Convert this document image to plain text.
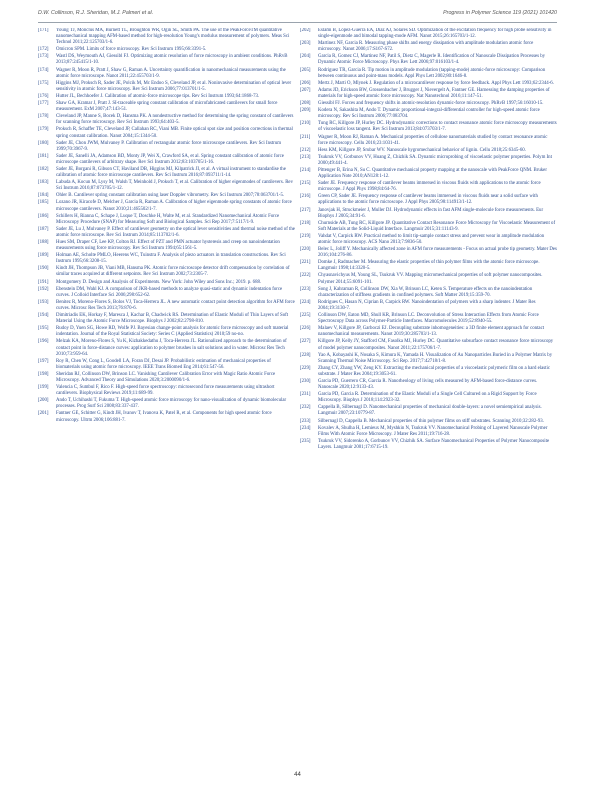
D.W. Collinson, R.J. Sheridan, M.J. Palmeri et al.	Progress in Polymer Science 119 (2021) 101420
[171]	Young TJ, Monclus MA, Burnett TL, Broughton WR, Ogin SL, Smith PA. The use of the PeakForceTM quantitative nanomechanical mapping AFM-based method for high-resolution Young's modulus measurement of polymers. Meas Sci Technol 2011;22:125703/1-6.
[172]	Omicron SPM. Limits of force microscopy. Rev Sci Instrum 1995;66:3391-5.
[173]	Wastl DS, Weymouth AJ, Giessibl FJ. Optimizing atomic resolution of force microscopy in ambient conditions. PhRvB 2013;87:245415/1-10.
[174]	Wagner R, Moon R, Pratt J, Shaw G, Raman A. Uncertainty quantification in nanomechanical measurements using the atomic force microscope. Nanot 2011;22:455703/1-9.
[175]	Higgins MJ, Proksch R, Sader JE, Polcik M, Mc Endoo S, Cleveland JP, et al. Noninvasive determination of optical lever sensitivity in atomic force microscopy. Rev Sci Instrum 2006;77:013701/1-5.
[176]	Hutter JL, Bechhoefer J. Calibration of atomic-force microscope tips. Rev Sci Instrum 1993;64:1868-73.
[177]	Shaw GA, Kramar J, Pratt J. SI-traceable spring constant calibration of microfabricated cantilevers for small force measurement. ExM 2007;47:143-51.
[178]	Cleveland JP, Manne S, Bocek D, Hansma PK. A nondestructive method for determining the spring constant of cantilevers for scanning force microscopy. Rev Sci Instrum 1993;64:403-5.
[179]	Proksch R, Schaffer TE, Cleveland JP, Callahan RC, Viani MB. Finite optical spot size and position corrections in thermal spring constant calibration. Nanot 2004;15:1344-50.
[180]	Sader JE, Chon JWM, Mulvaney P. Calibration of rectangular atomic force microscope cantilevers. Rev Sci Instrum 1999;70:3967-9.
[181]	Sader JE, Sanelli JA, Adamson BD, Monty JP, Wei X, Crawford SA, et al. Spring constant calibration of atomic force microscope cantilevers of arbitrary shape. Rev Sci Instrum 2012;83:103705/1-16.
[182]	Sader JE, Borgani R, Gibson CT, Haviland DB, Higgins MJ, Kilpatrick JI, et al. A virtual instrument to standardise the calibration of atomic force microscope cantilevers. Rev Sci Instrum 2016;87:093711/1-14.
[183]	Labuda A, Kocun M, Lysy M, Walsh T, Meinhold J, Proksch T, et al. Calibration of higher eigenmodes of cantilevers. Rev Sci Instrum 2016;87:073705/1-12.
[184]	Ohler B. Cantilever spring constant calibration using laser Doppler vibrometry. Rev Sci Instrum 2007;78:063701/1-5.
[185]	Lozano JR, Kiracofe D, Melcher J, Garcia R, Raman A. Calibration of higher eigenmode spring constants of atomic force microscope cantilevers. Nanot 2010;21:465502/1-7.
[186]	Schillers H, Rianna C, Schape J, Luque T, Doschke H, Walte M, et al. Standardized Nanomechanical Atomic Force Microscopy Procedure (SNAP) for Measuring Soft and Biological Samples. Sci Rep 2017;7:5117/1-9.
[187]	Sader JE, Lu J, Mulvaney P. Effect of cantilever geometry on the optical lever sensitivities and thermal noise method of the atomic force microscope. Rev Sci Instrum 2014;85:113702/1-6.
[188]	Hues SM, Draper CF, Lee KP, Colton RJ. Effect of PZT and PMN actuator hysteresis and creep on nanoindentation measurements using force microscopy. Rev Sci Instrum 1994;65:1561-5.
[189]	Holman AE, Scholte PMLO, Heerens WC, Tuinstra F. Analysis of piezo actuators in translation constructions. Rev Sci Instrum 1995;66:3208-15.
[190]	Kindt JH, Thompson JB, Viani MB, Hansma PK. Atomic force microscope detector drift compensation by correlation of similar traces acquired at different setpoints. Rev Sci Instrum 2002;73:2305-7.
[191]	Montgomery D. Design and Analysis of Experiments. New York: John Wiley and Sons Inc.; 2019. p. 688.
[192]	Ebenstein DM, Wahl KJ. A comparison of JKR-based methods to analyze quasi-static and dynamic indentation force curves. J Colloid Interface Sci 2006;298:652-62.
[193]	Benitez R, Moreno-Flores S, Bolos VJ, Toca-Herrera JL. A new automatic contact point detection algorithm for AFM force curves. Microsc Res Tech 2013;76:870-6.
[194]	Dimitriadis EK, Horkay F, Maresca J, Kachar B, Chadwick RS. Determination of Elastic Moduli of Thin Layers of Soft Material Using the Atomic Force Microscope. Biophys J 2002;82:2798-810.
[195]	Rudoy D, Yuen SG, Howe RD, Wolfe PJ. Bayesian change-point analysis for atomic force microscopy and soft material indentation. Journal of the Royal Statistical Society: Series C (Applied Statistics) 2010;59 no-no.
[196]	Melzak KA, Moreno-Flores S, Yu K, Kizhakkedathu J, Toca-Herrera JL. Rationalized approach to the determination of contact point in force-distance curves: application to polymer brushes in salt solutions and in water. Microsc Res Tech 2010;73:959-64.
[197]	Roy R, Chen W, Cong L, Goodell LA, Foran DJ, Desai JP. Probabilistic estimation of mechanical properties of biomaterials using atomic force microscopy. IEEE Trans Biomed Eng 2014;61:547-56.
[198]	Sheridan RJ, Collinson DW, Brinson LC. Vanishing Cantilever Calibration Error with Magic Ratio Atomic Force Microscopy. Advanced Theory and Simulations 2020;3:2000090/1-6.
[199]	Valencia C, Sumbul F, Rico F. High-speed force spectroscopy: microsecond force measurements using ultrashort cantilevers. Biophysical Reviews 2019;11:689-99.
[200]	Ando T, Uchihashi T, Fukuma T. High-speed atomic force microscopy for nano-visualization of dynamic biomolecular processes. Prog Surf Sci 2008;83:337-437.
[201]	Fantner GE, Schitter G, Kindt JH, Ivanov T, Ivanova K, Patel R, et al. Components for high speed atomic force microscopy. Ultrm 2006;106:881-7.
[202]	Eslami B, Lopez-Guerra EA, Diaz AJ, Solares SD. Optimization of the excitation frequency for high probe sensitivity in single-eigenmode and bimodal tapping-mode AFM. Nanot 2015;26:165703/1-12.
[203]	Martinez NF, Garcia R. Measuring phase shifts and energy dissipation with amplitude modulation atomic force microscopy. Nanot 2006;17:S167-S72.
[204]	Garcia R, Gomez CJ, Martinez NF, Patil S, Dietz C, Magerle R. Identification of Nanoscale Dissipation Processes by Dynamic Atomic Force Microscopy. Phys Rev Lett 2006;97:016103/1-4.
[205]	Rodriguez TR, Garcia R. Tip motion in amplitude modulation (tapping-mode) atomic-force microscopy: Comparison between continuous and point-mass models. Appl Phys Lett 2002;80:1646-8.
[206]	Mertz J, Marti O, Mlynek J. Regulation of a microcantilever response by force feedback. Appl Phys Lett 1993;62:2344-6.
[207]	Adams JD, Erickson BW, Grossenbacher J, Brugger J, Nievergelt A, Fantner GE. Harnessing the damping properties of materials for high-speed atomic force microscopy. Nat Nanotechnol 2016;11:147-51.
[208]	Giessibl FJ. Forces and frequency shifts in atomic-resolution dynamic-force microscopy. PhRvB 1997;56:16010-15.
[209]	Kodera N, Sakashita M, Ando T. Dynamic proportional-integral-differential controller for high-speed atomic force microscopy. Rev Sci Instrum 2006;77:083704.
[210]	Tung RC, Killgore JP, Hurley DC. Hydrodynamic corrections to contact resonance atomic force microscopy measurements of viscoelastic loss tangent. Rev Sci Instrum 2013;84:073703/1-7.
[211]	Wagner R, Moon RJ, Raman A. Mechanical properties of cellulose nanomaterials studied by contact resonance atomic force microscopy. Cellu 2016;23:1031-41.
[212]	Hess KM, Killgore JP, Srubar WV. Nanoscale hygromechanical behavior of lignin. Cellu 2018;25:6345-60.
[213]	Tsukruk VV, Gorbunov VV, Huang Z, Chizhik SA. Dynamic microprobing of viscoelastic polymer properties. Polym Int 2000;49:441-4.
[214]	Pittenger B, Erina N, Su C. Quantitative mechanical property mapping at the nanoscale with PeakForce QNM. Bruker Application Note 2010;AN128:1-12.
[215]	Sader JE. Frequency response of cantilever beams immersed in viscous fluids with applications to the atomic force microscope. J Appl Phys 1998;84:64-76.
[216]	Green CP, Sader JE. Frequency response of cantilever beams immersed in viscous fluids near a solid surface with applications to the atomic force microscope. J Appl Phys 2005;98:114913/1-12.
[217]	Janovjak H, Struckmeier J, Muller DJ. Hydrodynamic effects in fast AFM single-molecule force measurements. Eur Biophys J 2005;34:91-6.
[218]	Churnside AB, Tung RC, Killgore JP. Quantitative Contact Resonance Force Microscopy for Viscoelastic Measurement of Soft Materials at the Solid-Liquid Interface. Langmuir 2015;31:11143-9.
[219]	Vahdat V, Carpick RW. Practical method to limit tip-sample contact stress and prevent wear in amplitude modulation atomic force microscopy. ACS Nano 2013;7:9836-50.
[220]	Belec L, Joliff Y. Mechanically affected zone in AFM force measurements - Focus on actual probe tip geometry. Mater Des 2016;104:276-86.
[221]	Domke J, Radmacher M. Measuring the elastic properties of thin polymer films with the atomic force microscope. Langmuir 1998;14:3320-5.
[222]	Chyasnavichyus M, Young SL, Tsukruk VV. Mapping micromechanical properties of soft polymer nanocomposites. Polymer 2014;55:6091-101.
[223]	Song J, Kahraman R, Collinson DW, Xia W, Brinson LC, Keten S. Temperature effects on the nanoindentation characterization of stiffness gradients in confined polymers. Soft Matter 2019;15:359-70.
[224]	Rodrigues C, Hasan N, Ciprian B, Carpick RW. Nanoindentation of polymers with a sharp indenter. J Mater Res 2004;19:3130-7.
[225]	Collinson DW, Eaton MD, Shull KR, Brinson LC. Deconvolution of Stress Interaction Effects from Atomic Force Spectroscopy Data across Polymer-Particle Interfaces. Macromolecules 2019;52:8940-55.
[226]	Malaev V, Killgore JP, Garboczi EJ. Decoupling substrate inhomogeneities: a 3D finite element approach for contact nanomechanical measurements. Nanot 2019;30:285703/1-13.
[227]	Killgore JP, Kelly JY, Stafford CM, Fasolka MJ, Hurley DC. Quantitative subsurface contact resonance force microscopy of model polymer nanocomposites. Nanot 2011;22:175706/1-7.
[228]	Yao A, Kobayashi K, Nosaka S, Kimura K, Yamada H. Visualization of Au Nanoparticles Buried in a Polymer Matrix by Scanning Thermal Noise Microscopy. Sci Rep. 2017;7:42718/1-8.
[229]	Zhang CY, Zhang YW, Zeng KY. Extracting the mechanical properties of a viscoelastic polymeric film on a hard elastic substrate. J Mater Res 2004;19:3053-61.
[230]	Garcia PD, Guerrero CR, Garcia R. Nanorheology of living cells measured by AFM-based force-distance curves. Nanoscale 2020;12:9133-43.
[231]	Garcia PD, Garcia R. Determination of the Elastic Moduli of a Single Cell Cultured on a Rigid Support by Force Microscopy. Biophys J 2018;114:2923-32.
[232]	Cappella B, Silbernagl D. Nanomechanical properties of mechanical double-layers: a novel semiempirical analysis. Langmuir 2007;23:10779-87.
[233]	Silbernagl D, Cappella B. Mechanical properties of thin polymer films on stiff substrates. Scanning 2010;32:282-93.
[234]	Kovalev A, Shulha H, Lemieux M, Myshkin N, Tsukruk VV. Nanomechanical Probing of Layered Nanoscale Polymer Films With Atomic Force Microscopy. J Mater Res 2011;19:716-28.
[235]	Tsukruk VV, Sidorenko A, Gorbunov VV, Chizhik SA. Surface Nanomechanical Properties of Polymer Nanocomposite Layers. Langmuir 2001;17:6715-19.
44
